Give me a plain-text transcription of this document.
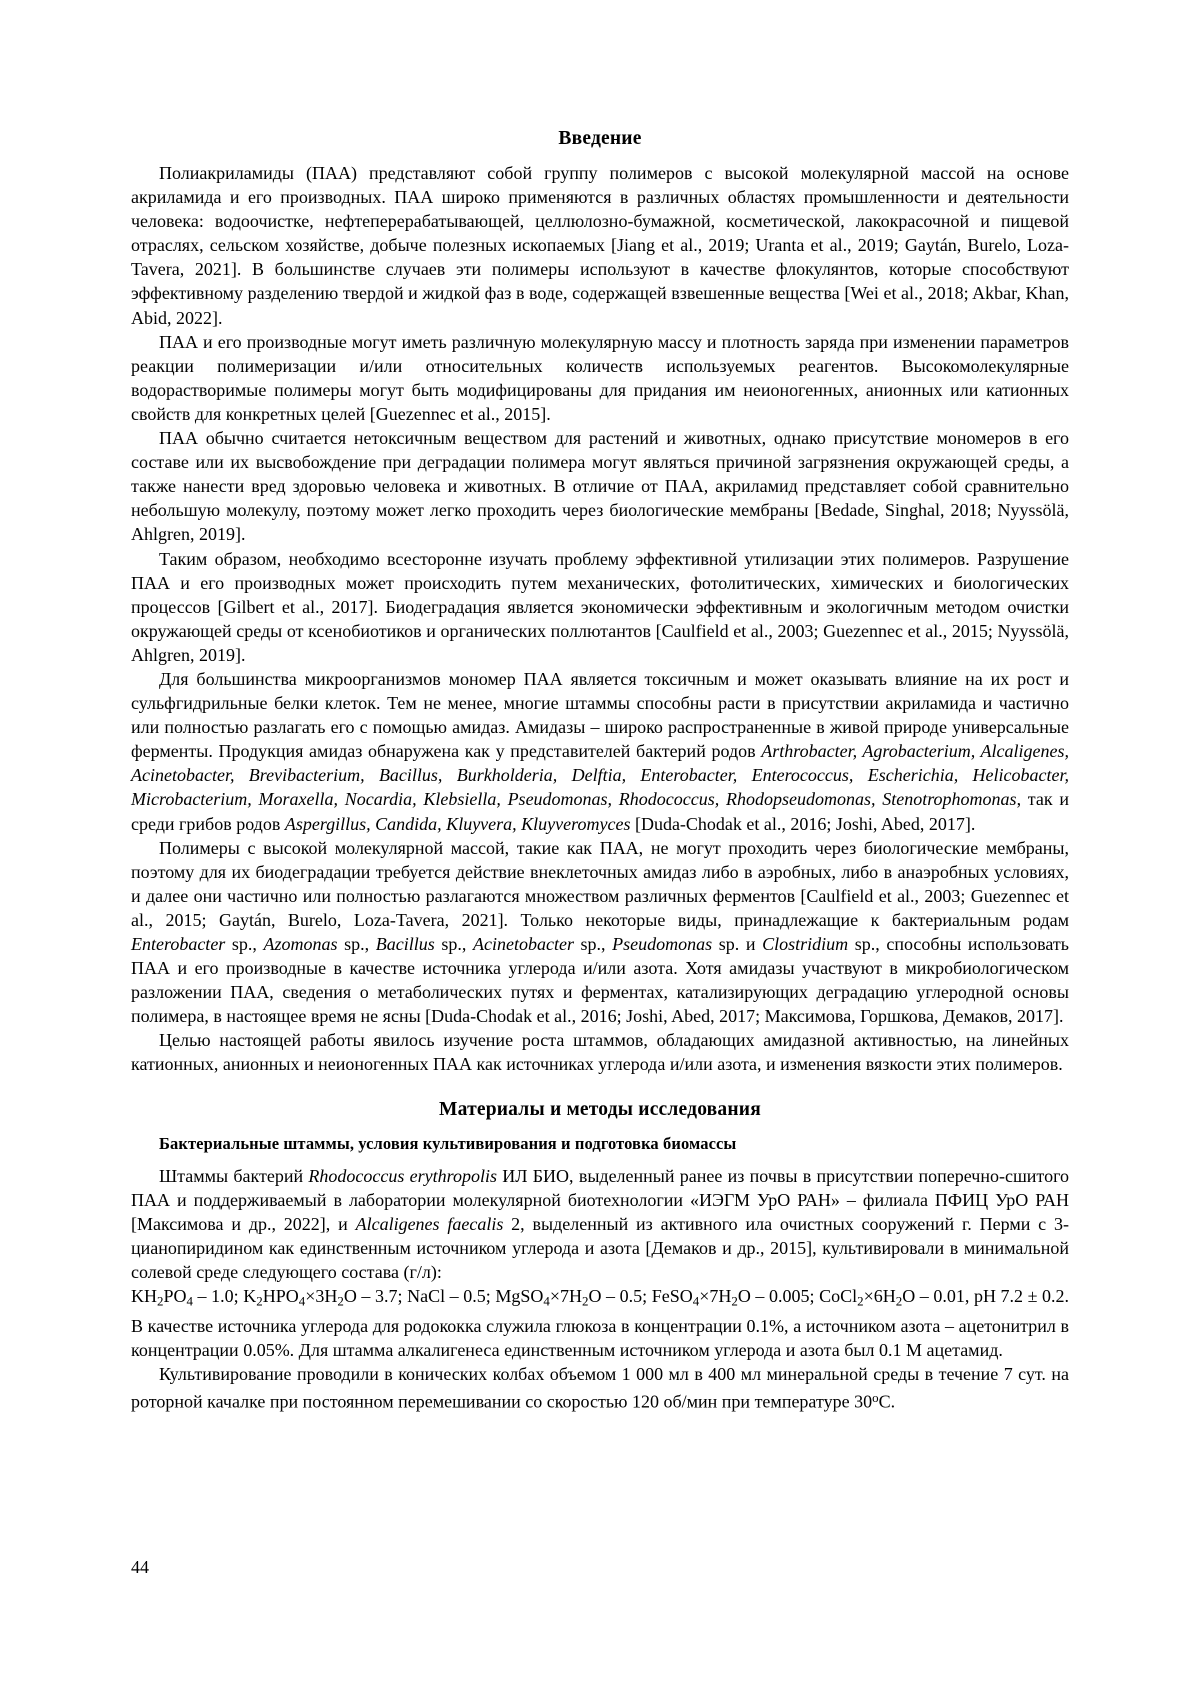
Введение

Полиакриламиды (ПАА) представляют собой группу полимеров с высокой молекулярной массой на основе акриламида и его производных. ПАА широко применяются в различных областях промышленности и деятельности человека: водоочистке, нефтеперерабатывающей, целлюлозно-бумажной, косметической, лакокрасочной и пищевой отраслях, сельском хозяйстве, добыче полезных ископаемых [Jiang et al., 2019; Uranta et al., 2019; Gaytán, Burelo, Loza-Tavera, 2021]. В большинстве случаев эти полимеры используют в качестве флокулянтов, которые способствуют эффективному разделению твердой и жидкой фаз в воде, содержащей взвешенные вещества [Wei et al., 2018; Akbar, Khan, Abid, 2022].

ПАА и его производные могут иметь различную молекулярную массу и плотность заряда при изменении параметров реакции полимеризации и/или относительных количеств используемых реагентов. Высокомолекулярные водорастворимые полимеры могут быть модифицированы для придания им неионогенных, анионных или катионных свойств для конкретных целей [Guezennec et al., 2015].

ПАА обычно считается нетоксичным веществом для растений и животных, однако присутствие мономеров в его составе или их высвобождение при деградации полимера могут являться причиной загрязнения окружающей среды, а также нанести вред здоровью человека и животных. В отличие от ПАА, акриламид представляет собой сравнительно небольшую молекулу, поэтому может легко проходить через биологические мембраны [Bedade, Singhal, 2018; Nyyssölä, Ahlgren, 2019].

Таким образом, необходимо всесторонне изучать проблему эффективной утилизации этих полимеров. Разрушение ПАА и его производных может происходить путем механических, фотолитических, химических и биологических процессов [Gilbert et al., 2017]. Биодеградация является экономически эффективным и экологичным методом очистки окружающей среды от ксенобиотиков и органических поллютантов [Caulfield et al., 2003; Guezennec et al., 2015; Nyyssölä, Ahlgren, 2019].

Для большинства микроорганизмов мономер ПАА является токсичным и может оказывать влияние на их рост и сульфгидрильные белки клеток. Тем не менее, многие штаммы способны расти в присутствии акриламида и частично или полностью разлагать его с помощью амидаз. Амидазы – широко распространенные в живой природе универсальные ферменты. Продукция амидаз обнаружена как у представителей бактерий родов Arthrobacter, Agrobacterium, Alcaligenes, Acinetobacter, Brevibacterium, Bacillus, Burkholderia, Delftia, Enterobacter, Enterococcus, Escherichia, Helicobacter, Microbacterium, Moraxella, Nocardia, Klebsiella, Pseudomonas, Rhodococcus, Rhodopseudomonas, Stenotrophomonas, так и среди грибов родов Aspergillus, Candida, Kluyvera, Kluyveromyces [Duda-Chodak et al., 2016; Joshi, Abed, 2017].

Полимеры с высокой молекулярной массой, такие как ПАА, не могут проходить через биологические мембраны, поэтому для их биодеградации требуется действие внеклеточных амидаз либо в аэробных, либо в анаэробных условиях, и далее они частично или полностью разлагаются множеством различных ферментов [Caulfield et al., 2003; Guezennec et al., 2015; Gaytán, Burelo, Loza-Tavera, 2021]. Только некоторые виды, принадлежащие к бактериальным родам Enterobacter sp., Azomonas sp., Bacillus sp., Acinetobacter sp., Pseudomonas sp. и Clostridium sp., способны использовать ПАА и его производные в качестве источника углерода и/или азота. Хотя амидазы участвуют в микробиологическом разложении ПАА, сведения о метаболических путях и ферментах, катализирующих деградацию углеродной основы полимера, в настоящее время не ясны [Duda-Chodak et al., 2016; Joshi, Abed, 2017; Максимова, Горшкова, Демаков, 2017].

Целью настоящей работы явилось изучение роста штаммов, обладающих амидазной активностью, на линейных катионных, анионных и неионогенных ПАА как источниках углерода и/или азота, и изменения вязкости этих полимеров.

Материалы и методы исследования
Бактериальные штаммы, условия культивирования и подготовка биомассы

Штаммы бактерий Rhodococcus erythropolis ИЛ БИО, выделенный ранее из почвы в присутствии поперечно-сшитого ПАА и поддерживаемый в лаборатории молекулярной биотехнологии «ИЭГМ УрО РАН» – филиала ПФИЦ УрО РАН [Максимова и др., 2022], и Alcaligenes faecalis 2, выделенный из активного ила очистных сооружений г. Перми с 3-цианопиридином как единственным источником углерода и азота [Демаков и др., 2015], культивировали в минимальной солевой среде следующего состава (г/л):

$KH_2PO_4 - 1.0$; $K_2HPO_4\times 3H_2O - 3.7$; NaCl – 0.5; $MgSO_4\times 7H_2O - 0.5$; $FeSO_4\times 7H_2O - 0.005$; $CoCl_2\times 6H_2O - 0.01$, pH 7.2 ± 0.2. В качестве источника углерода для родококка служила глюкоза в концентрации 0.1%, а источником азота – ацетонитрил в концентрации 0.05%. Для штамма алкалигенеса единственным источником углерода и азота был 0.1 М ацетамид.

Культивирование проводили в конических колбах объемом 1 000 мл в 400 мл минеральной среды в течение 7 сут. на роторной качалке при постоянном перемешивании со скоростью 120 об/мин при температуре $30^оС$.

44
